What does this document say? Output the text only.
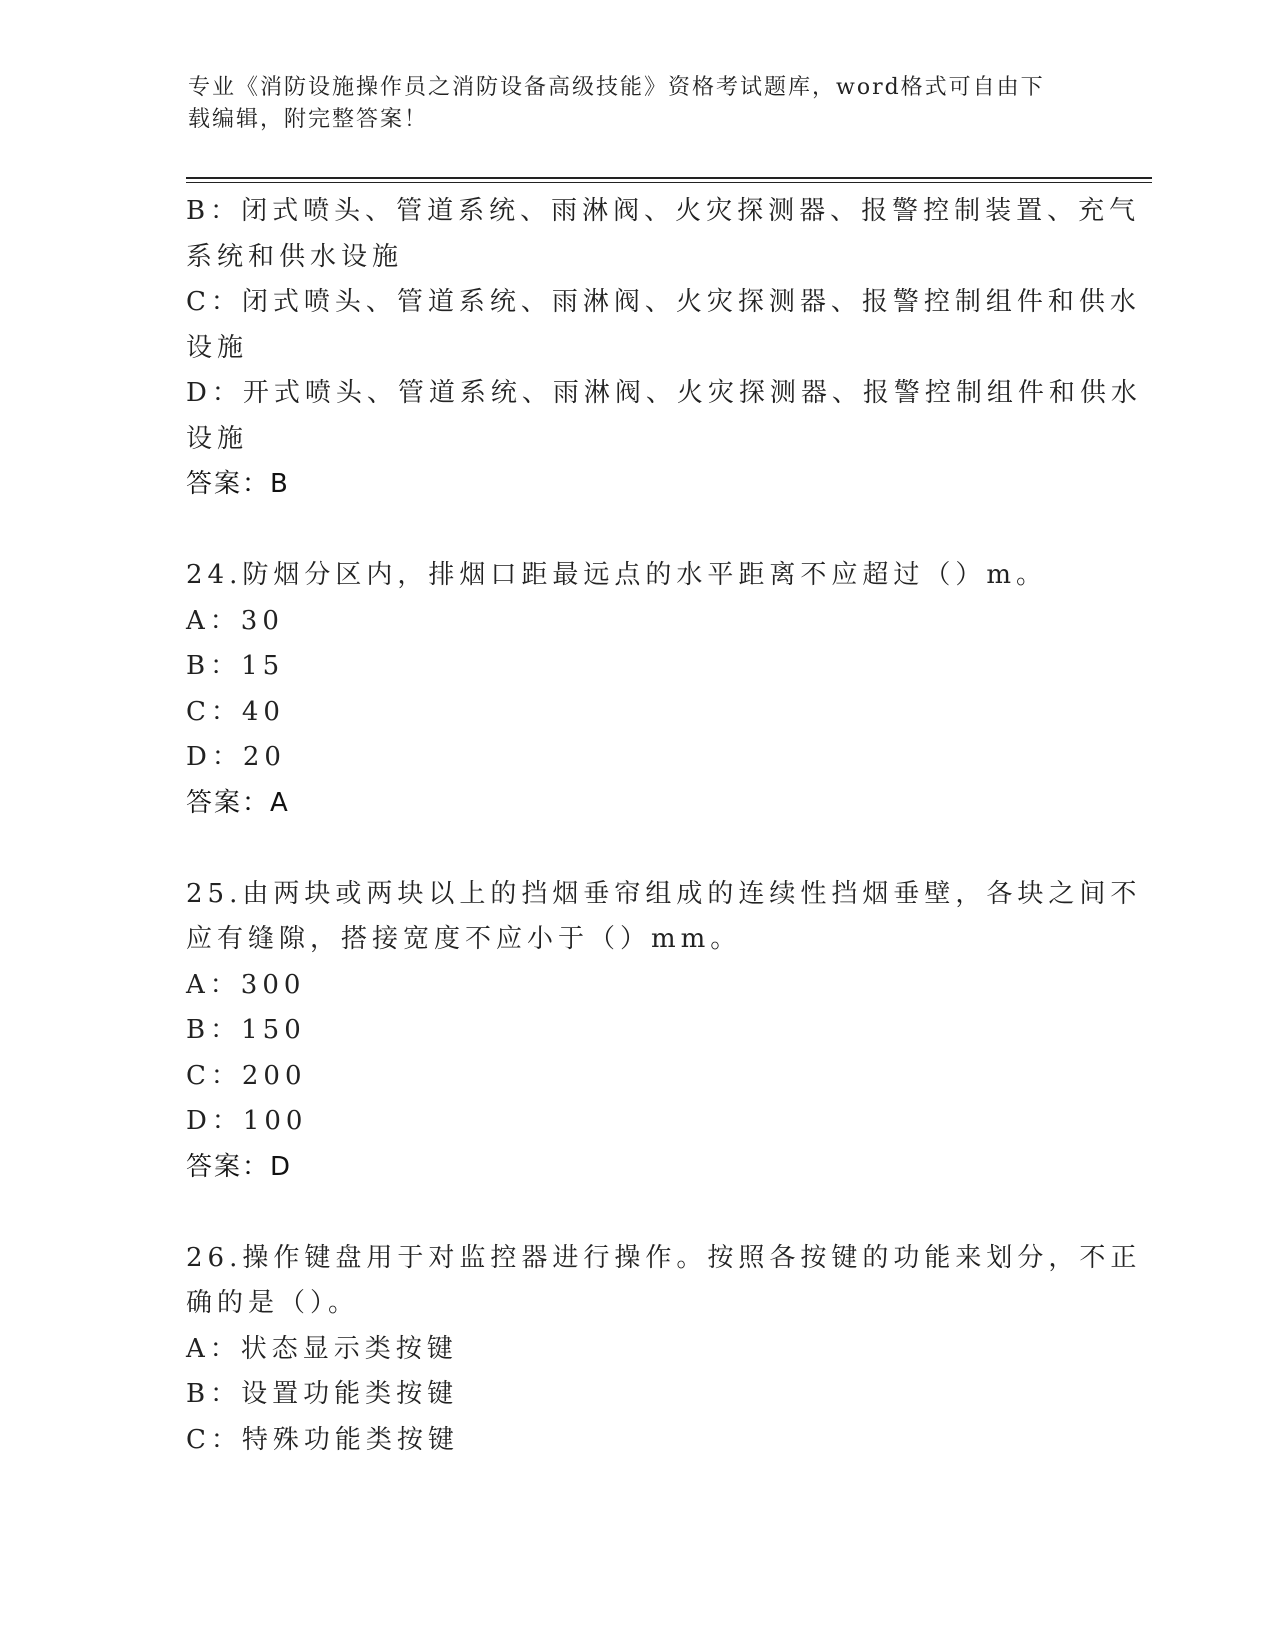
专业《消防设施操作员之消防设备高级技能》资格考试题库，word格式可自由下
载编辑，附完整答案！
B：闭式喷头、管道系统、雨淋阀、火灾探测器、报警控制装置、充气
系统和供水设施
C：闭式喷头、管道系统、雨淋阀、火灾探测器、报警控制组件和供水
设施
D：开式喷头、管道系统、雨淋阀、火灾探测器、报警控制组件和供水
设施
答案：B
24.防烟分区内，排烟口距最远点的水平距离不应超过（）m。
A：30
B：15
C：40
D：20
答案：A
25.由两块或两块以上的挡烟垂帘组成的连续性挡烟垂壁，各块之间不
应有缝隙，搭接宽度不应小于（）mm。
A：300
B：150
C：200
D：100
答案：D
26.操作键盘用于对监控器进行操作。按照各按键的功能来划分，不正
确的是（）。
A：状态显示类按键
B：设置功能类按键
C：特殊功能类按键
